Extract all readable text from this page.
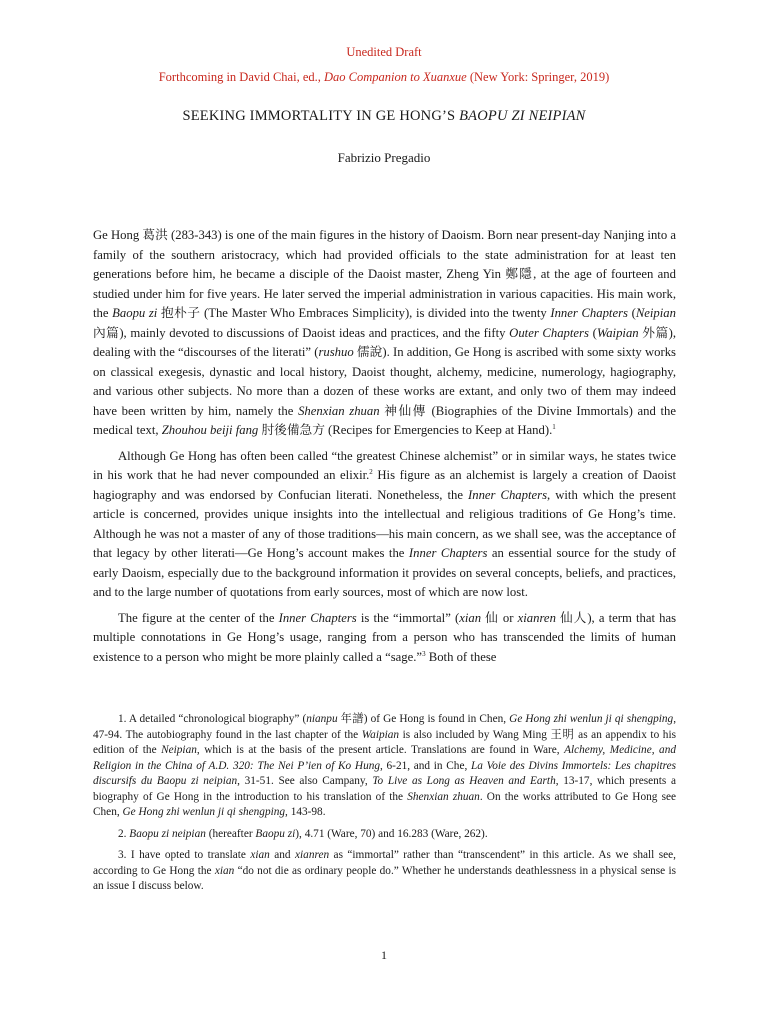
Unedited Draft
Forthcoming in David Chai, ed., Dao Companion to Xuanxue (New York: Springer, 2019)
SEEKING IMMORTALITY IN GE HONG’S BAOPU ZI NEIPIAN
Fabrizio Pregadio

Ge Hong 葛洪 (283-343) is one of the main figures in the history of Daoism. Born near present-day Nanjing into a family of the southern aristocracy, which had provided officials to the state administration for at least ten generations before him, he became a disciple of the Daoist master, Zheng Yin 鄭隱, at the age of fourteen and studied under him for five years. He later served the imperial administration in various capacities. His main work, the Baopu zi 抱朴子 (The Master Who Embraces Simplicity), is divided into the twenty Inner Chapters (Neipian 內篇), mainly devoted to discussions of Daoist ideas and practices, and the fifty Outer Chapters (Waipian 外篇), dealing with the “discourses of the literati” (rushuo 儒說). In addition, Ge Hong is ascribed with some sixty works on classical exegesis, dynastic and local history, Daoist thought, alchemy, medicine, numerology, hagiography, and various other subjects. No more than a dozen of these works are extant, and only two of them may indeed have been written by him, namely the Shenxian zhuan 神仙傳 (Biographies of the Divine Immortals) and the medical text, Zhouhou beiji fang 肘後備急方 (Recipes for Emergencies to Keep at Hand).$^1$

Although Ge Hong has often been called “the greatest Chinese alchemist” or in similar ways, he states twice in his work that he had never compounded an elixir.$^2$ His figure as an alchemist is largely a creation of Daoist hagiography and was endorsed by Confucian literati. Nonetheless, the Inner Chapters, with which the present article is concerned, provides unique insights into the intellectual and religious traditions of Ge Hong’s time. Although he was not a master of any of those traditions—his main concern, as we shall see, was the acceptance of that legacy by other literati—Ge Hong’s account makes the Inner Chapters an essential source for the study of early Daoism, especially due to the background information it provides on several concepts, beliefs, and practices, and to the large number of quotations from early sources, most of which are now lost.

The figure at the center of the Inner Chapters is the “immortal” (xian 仙 or xianren 仙人), a term that has multiple connotations in Ge Hong’s usage, ranging from a person who has transcended the limits of human existence to a person who might be more plainly called a “sage.”$^3$ Both of these

1. A detailed “chronological biography” (nianpu 年譜) of Ge Hong is found in Chen, Ge Hong zhi wenlun ji qi shengping, 47-94. The autobiography found in the last chapter of the Waipian is also included by Wang Ming 王明 as an appendix to his edition of the Neipian, which is at the basis of the present article. Translations are found in Ware, Alchemy, Medicine, and Religion in the China of A.D. 320: The Nei P’ien of Ko Hung, 6-21, and in Che, La Voie des Divins Immortels: Les chapitres discursifs du Baopu zi neipian, 31-51. See also Campany, To Live as Long as Heaven and Earth, 13-17, which presents a biography of Ge Hong in the introduction to his translation of the Shenxian zhuan. On the works attributed to Ge Hong see Chen, Ge Hong zhi wenlun ji qi shengping, 143-98.

2. Baopu zi neipian (hereafter Baopu zi), 4.71 (Ware, 70) and 16.283 (Ware, 262).

3. I have opted to translate xian and xianren as “immortal” rather than “transcendent” in this article. As we shall see, according to Ge Hong the xian “do not die as ordinary people do.” Whether he understands deathlessness in a physical sense is an issue I discuss below.

1
